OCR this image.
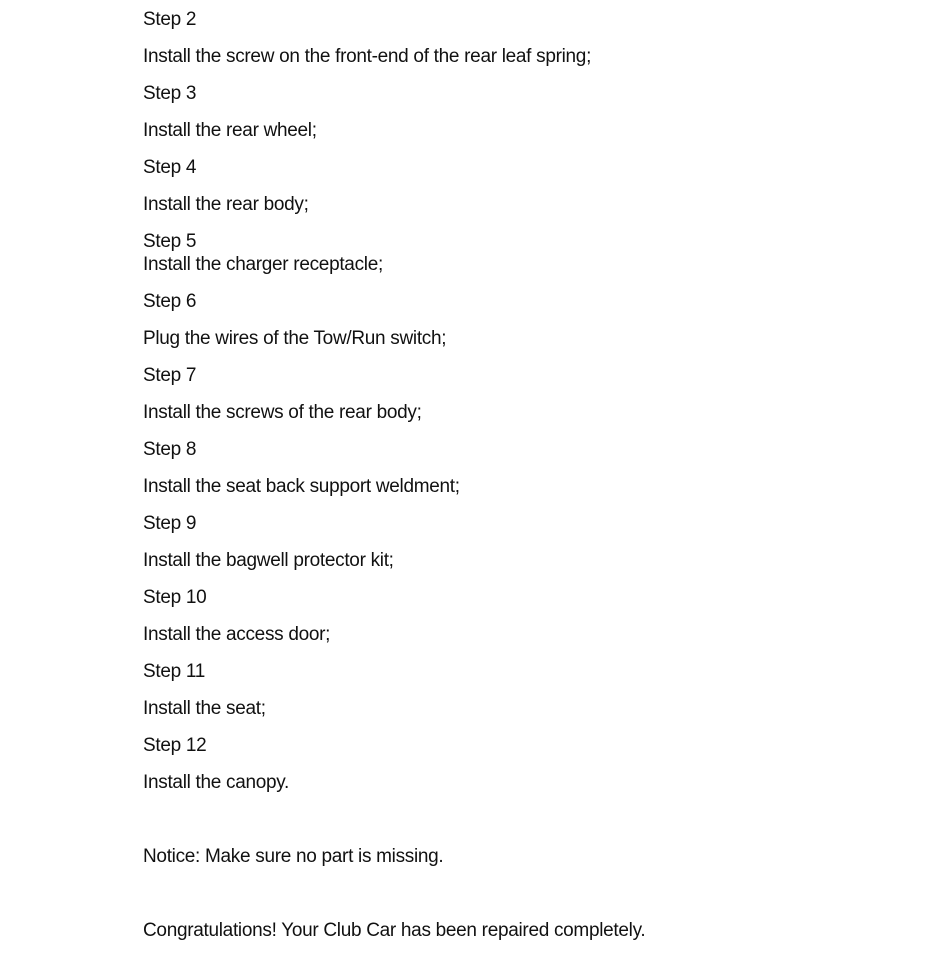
Step 2
Install the screw on the front-end of the rear leaf spring;
Step 3
Install the rear wheel;
Step 4
Install the rear body;
Step 5
Install the charger receptacle;
Step 6
Plug the wires of the Tow/Run switch;
Step 7
Install the screws of the rear body;
Step 8
Install the seat back support weldment;
Step 9
Install the bagwell protector kit;
Step 10
Install the access door;
Step 11
Install the seat;
Step 12
Install the canopy.
Notice: Make sure no part is missing.
Congratulations! Your Club Car has been repaired completely.
